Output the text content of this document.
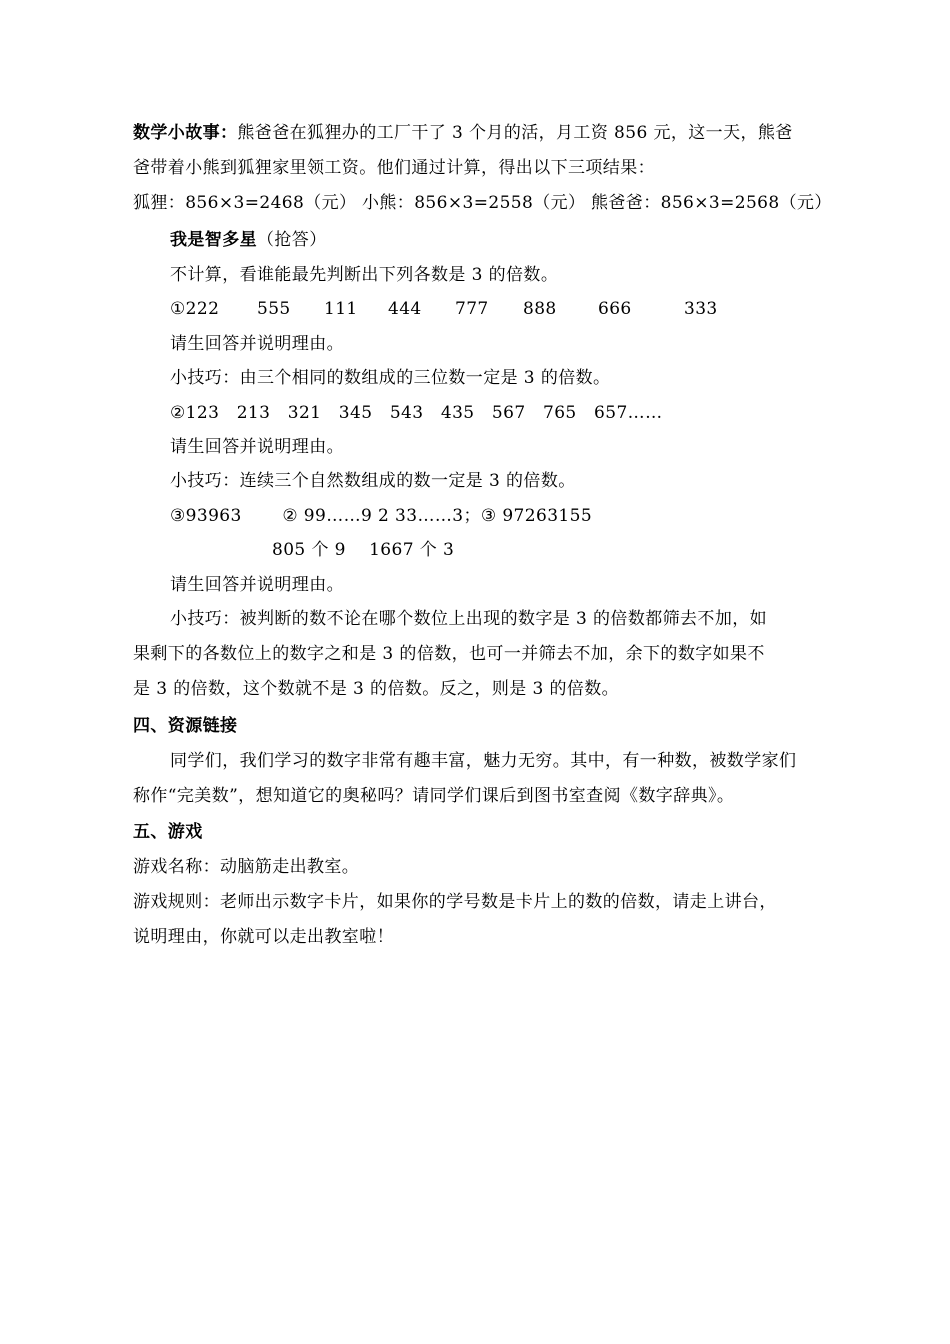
数学小故事：熊爸爸在狐狸办的工厂干了 3 个月的活，月工资 856 元，这一天，熊爸
爸带着小熊到狐狸家里领工资。他们通过计算，得出以下三项结果：
狐狸：856×3=2468（元） 小熊：856×3=2558（元） 熊爸爸：856×3=2568（元）
我是智多星（抢答）
不计算，看谁能最先判断出下列各数是 3 的倍数。
①222 555 111 444 777 888 666	333
请生回答并说明理由。
小技巧：由三个相同的数组成的三位数一定是 3 的倍数。
②123　213　321　345　543　435　567　765　657……
请生回答并说明理由。
小技巧：连续三个自然数组成的数一定是 3 的倍数。
③93963　　 ② 99……9 2 33……3；③ 97263155
805 个 9　 1667 个 3
请生回答并说明理由。
小技巧：被判断的数不论在哪个数位上出现的数字是 3 的倍数都筛去不加，如
果剩下的各数位上的数字之和是 3 的倍数，也可一并筛去不加，余下的数字如果不
是 3 的倍数，这个数就不是 3 的倍数。反之，则是 3 的倍数。
四、资源链接
同学们，我们学习的数字非常有趣丰富，魅力无穷。其中，有一种数，被数学家们
称作“完美数”，想知道它的奥秘吗？请同学们课后到图书室查阅《数字辞典》。
五、游戏
游戏名称：动脑筋走出教室。
游戏规则：老师出示数字卡片，如果你的学号数是卡片上的数的倍数，请走上讲台，
说明理由，你就可以走出教室啦！
